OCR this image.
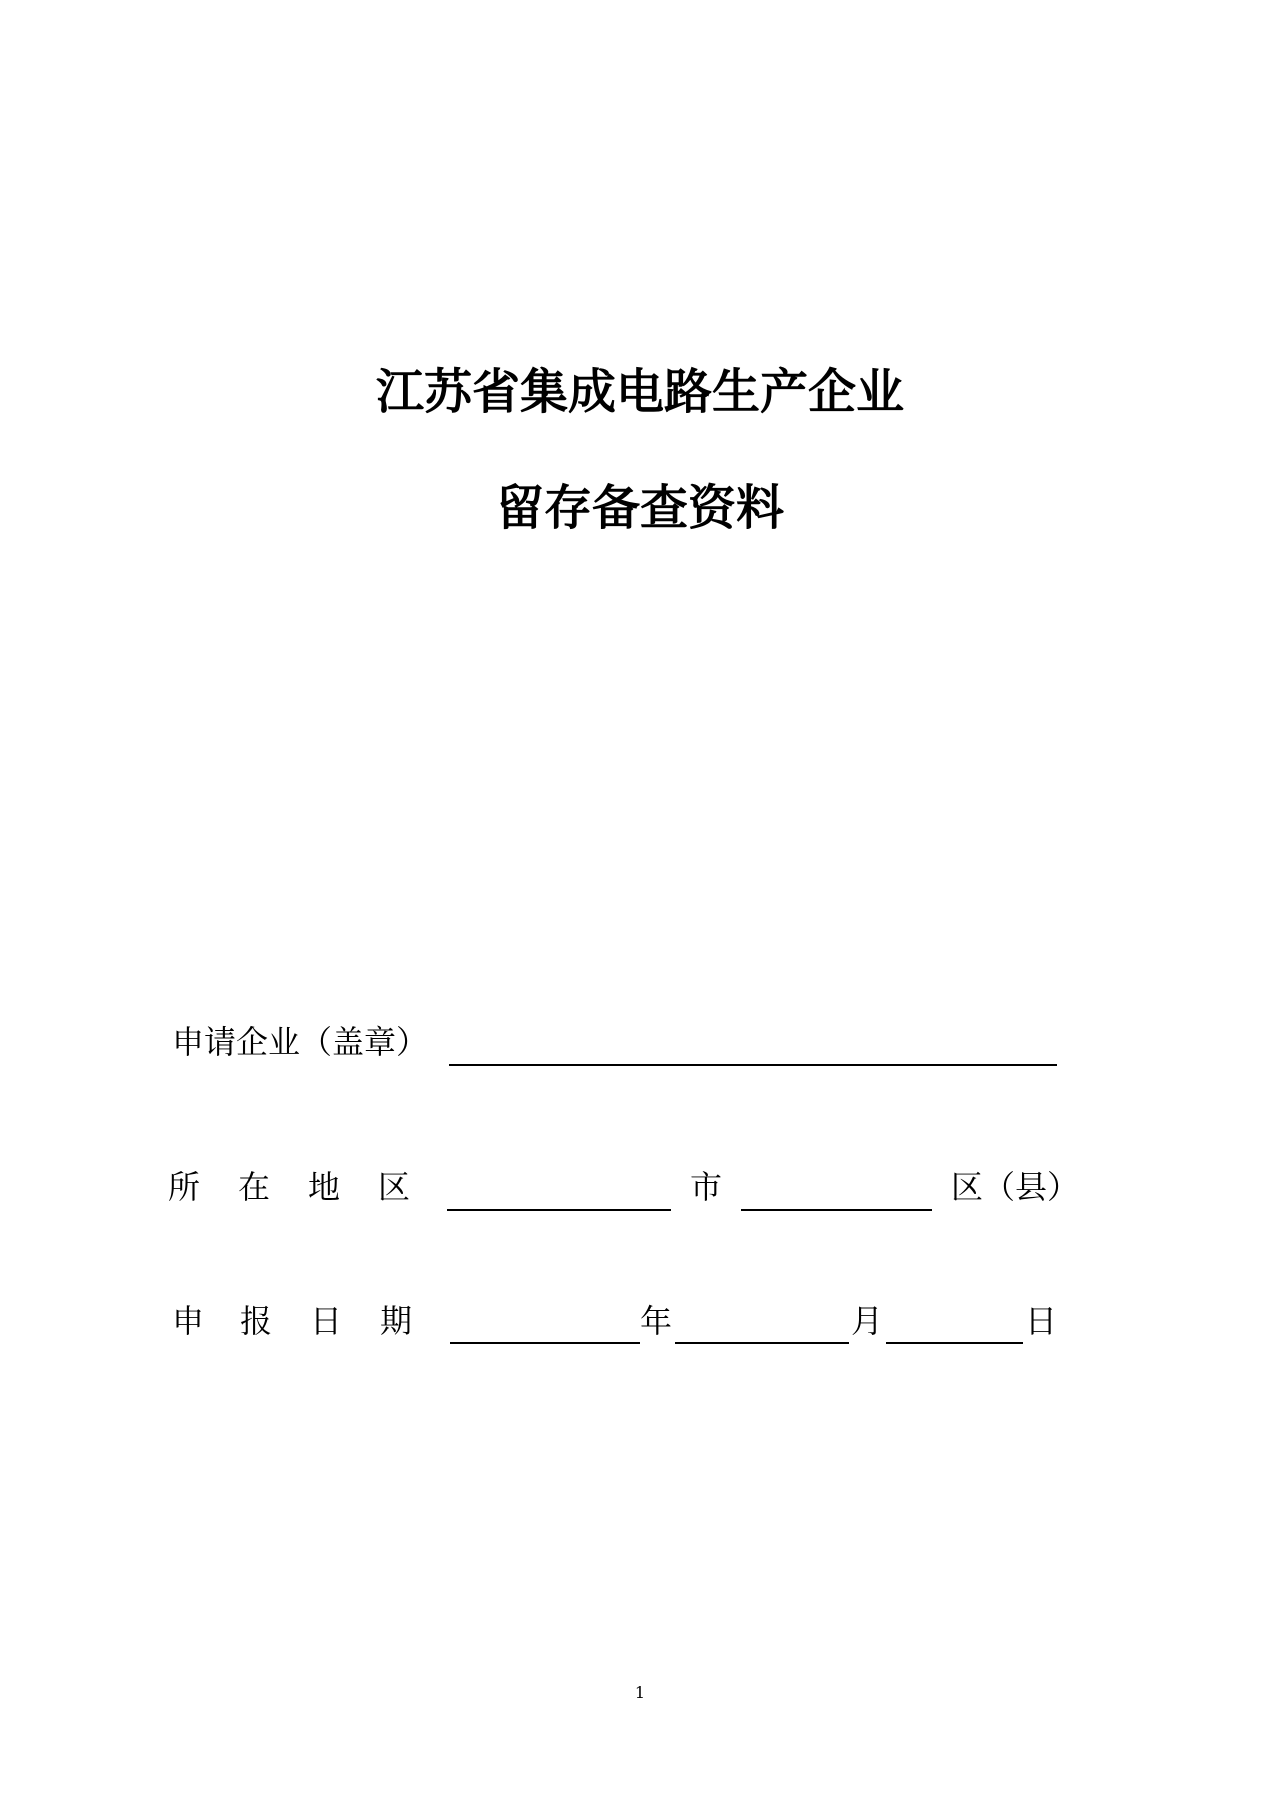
江苏省集成电路生产企业
留存备查资料
申请企业（盖章）
所 在 地 区	市	区（县）
申 报 日 期	年	月	日
1
